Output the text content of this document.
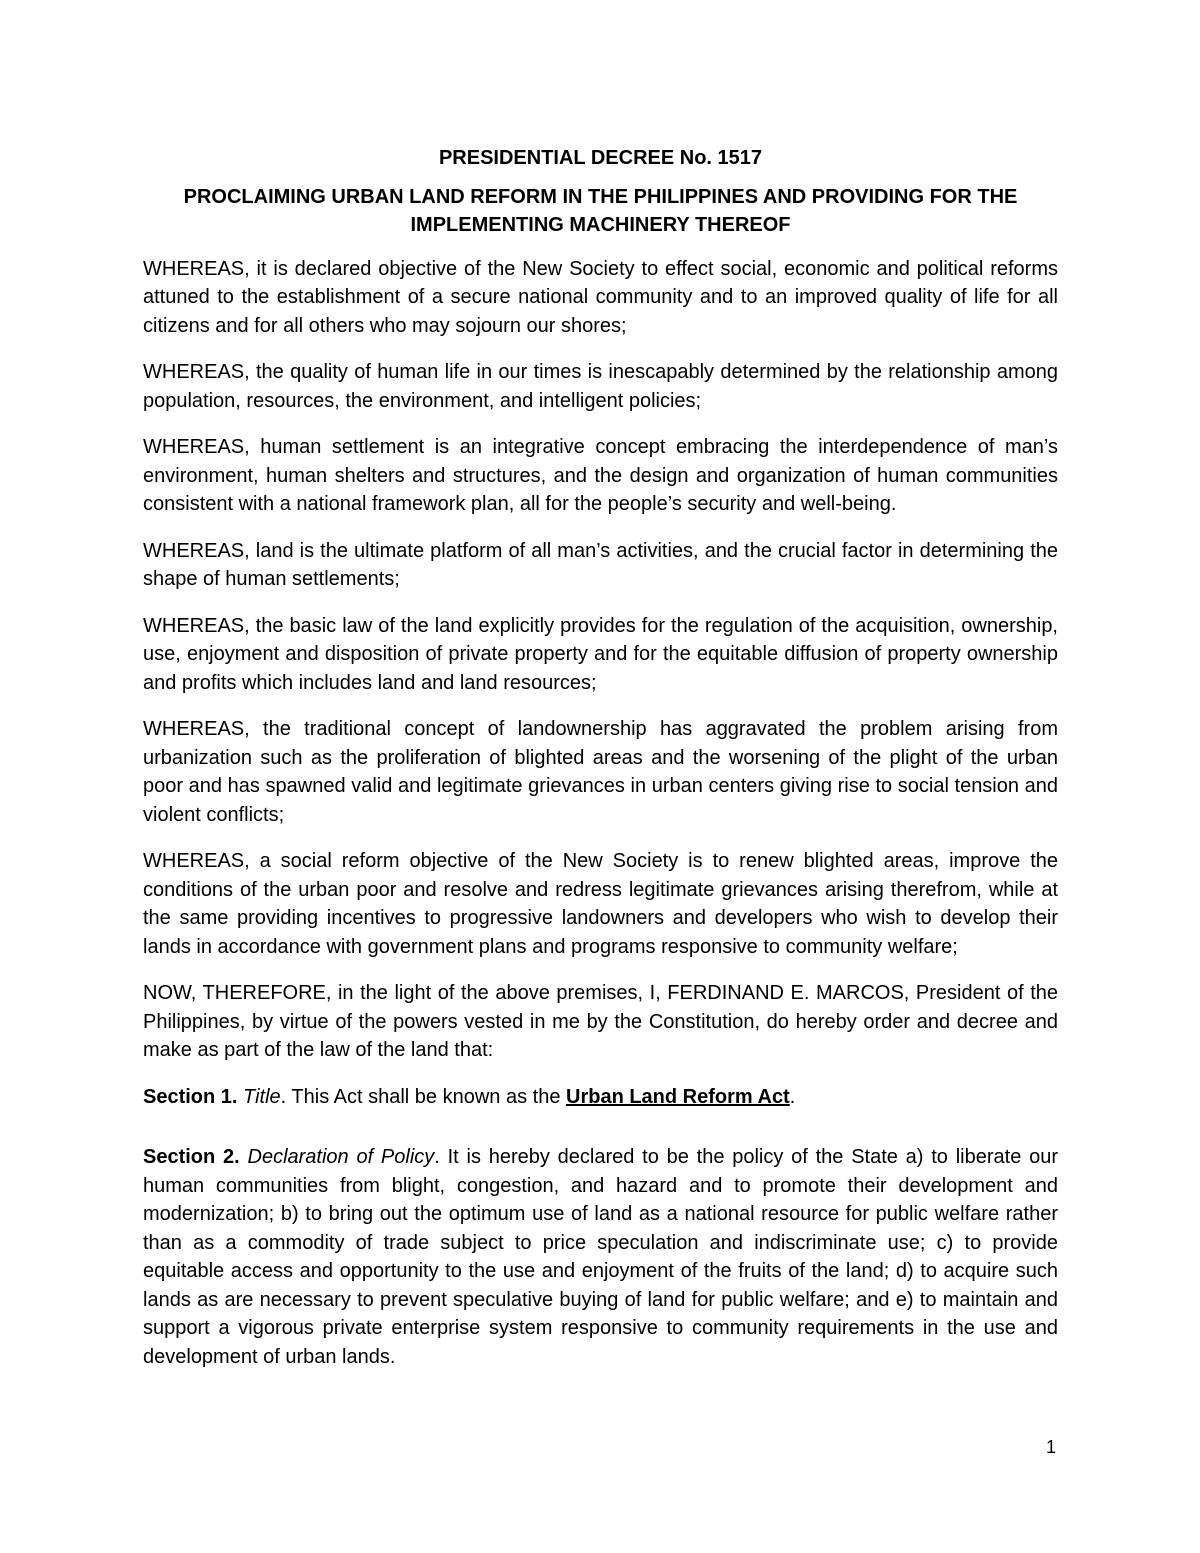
PRESIDENTIAL DECREE No. 1517

PROCLAIMING URBAN LAND REFORM IN THE PHILIPPINES AND PROVIDING FOR THE IMPLEMENTING MACHINERY THEREOF

WHEREAS, it is declared objective of the New Society to effect social, economic and political reforms attuned to the establishment of a secure national community and to an improved quality of life for all citizens and for all others who may sojourn our shores;

WHEREAS, the quality of human life in our times is inescapably determined by the relationship among population, resources, the environment, and intelligent policies;

WHEREAS, human settlement is an integrative concept embracing the interdependence of man’s environment, human shelters and structures, and the design and organization of human communities consistent with a national framework plan, all for the people’s security and well-being.

WHEREAS, land is the ultimate platform of all man’s activities, and the crucial factor in determining the shape of human settlements;

WHEREAS, the basic law of the land explicitly provides for the regulation of the acquisition, ownership, use, enjoyment and disposition of private property and for the equitable diffusion of property ownership and profits which includes land and land resources;

WHEREAS, the traditional concept of landownership has aggravated the problem arising from urbanization such as the proliferation of blighted areas and the worsening of the plight of the urban poor and has spawned valid and legitimate grievances in urban centers giving rise to social tension and violent conflicts;

WHEREAS, a social reform objective of the New Society is to renew blighted areas, improve the conditions of the urban poor and resolve and redress legitimate grievances arising therefrom, while at the same providing incentives to progressive landowners and developers who wish to develop their lands in accordance with government plans and programs responsive to community welfare;

NOW, THEREFORE, in the light of the above premises, I, FERDINAND E. MARCOS, President of the Philippines, by virtue of the powers vested in me by the Constitution, do hereby order and decree and make as part of the law of the land that:

Section 1. Title. This Act shall be known as the Urban Land Reform Act.

Section 2. Declaration of Policy. It is hereby declared to be the policy of the State a) to liberate our human communities from blight, congestion, and hazard and to promote their development and modernization; b) to bring out the optimum use of land as a national resource for public welfare rather than as a commodity of trade subject to price speculation and indiscriminate use; c) to provide equitable access and opportunity to the use and enjoyment of the fruits of the land; d) to acquire such lands as are necessary to prevent speculative buying of land for public welfare; and e) to maintain and support a vigorous private enterprise system responsive to community requirements in the use and development of urban lands.

1
